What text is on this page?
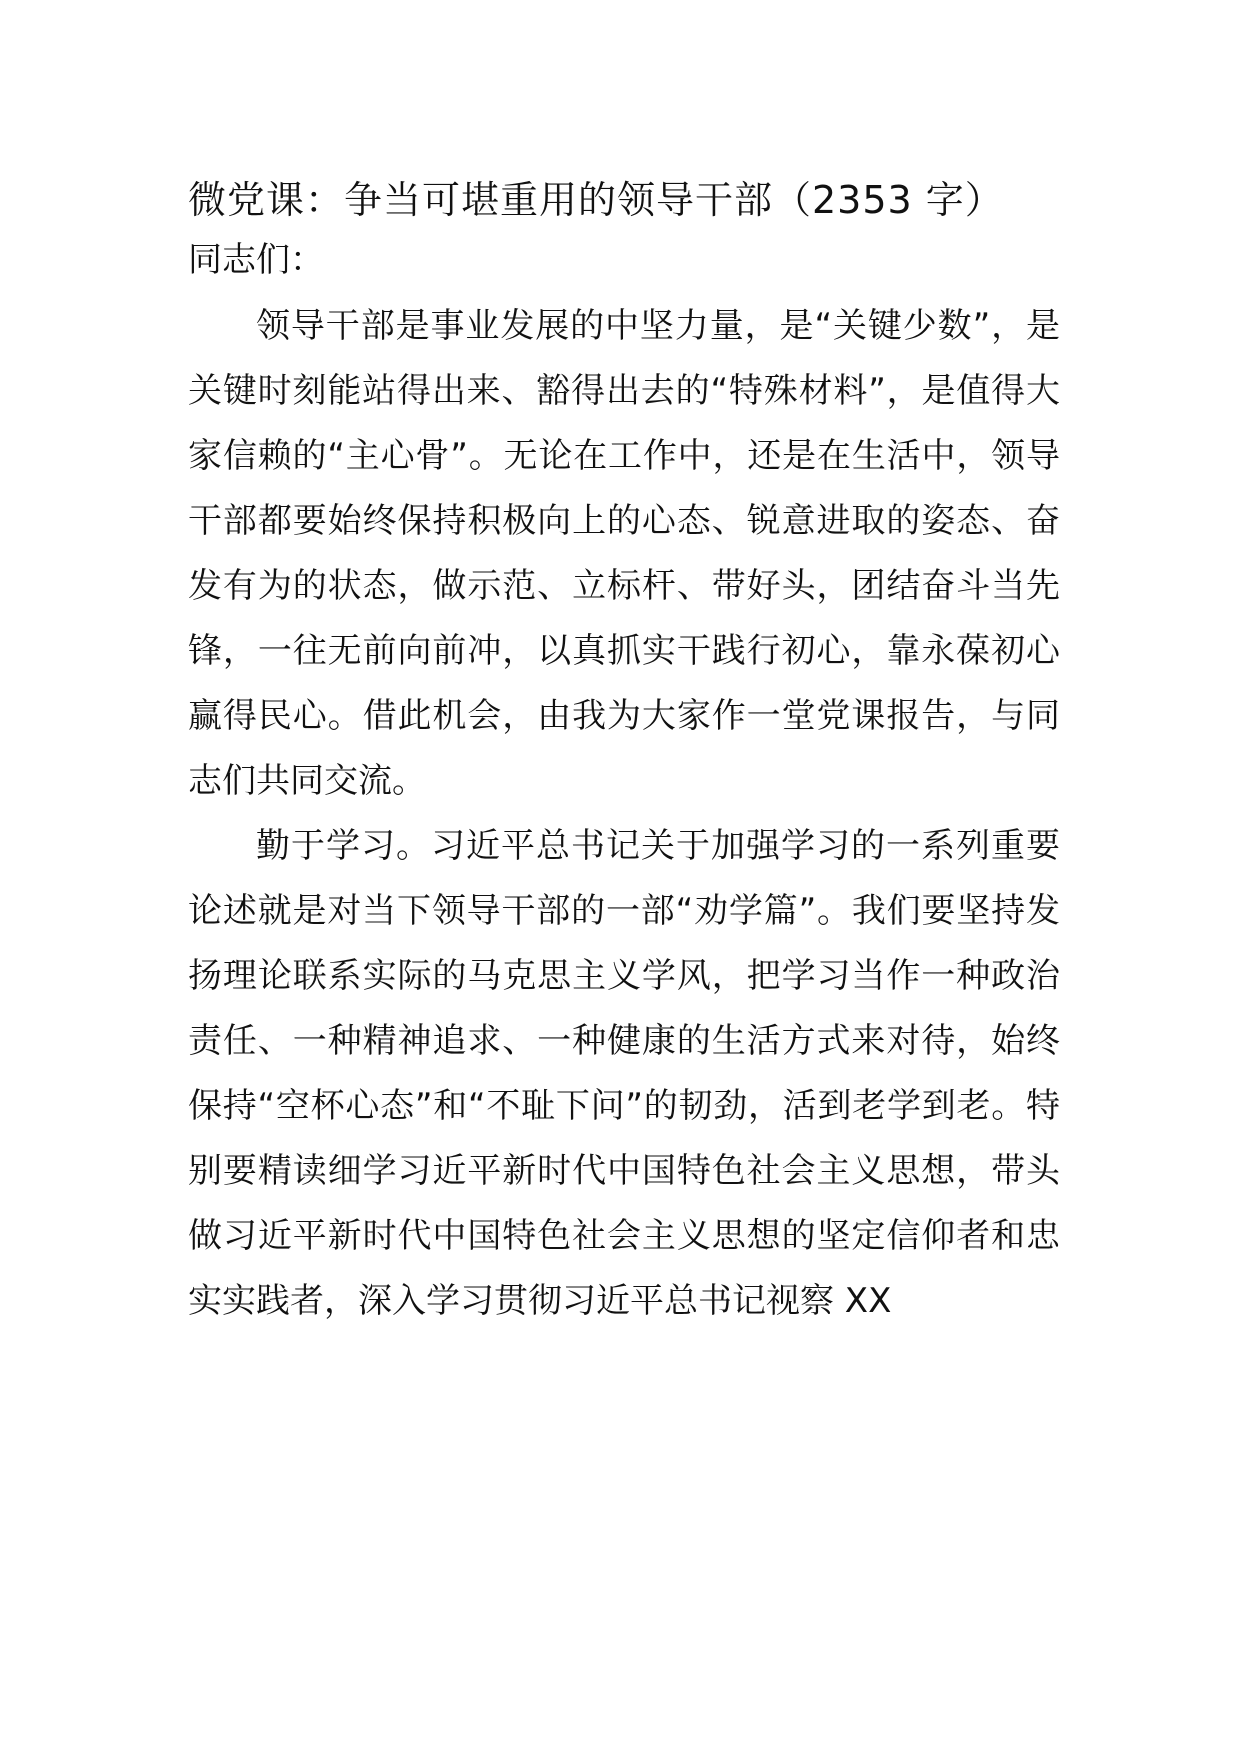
微党课：争当可堪重用的领导干部（2353 字）

同志们：

领导干部是事业发展的中坚力量，是“关键少数”，是关键时刻能站得出来、豁得出去的“特殊材料”，是值得大家信赖的“主心骨”。无论在工作中，还是在生活中，领导干部都要始终保持积极向上的心态、锐意进取的姿态、奋发有为的状态，做示范、立标杆、带好头，团结奋斗当先锋，一往无前向前冲，以真抓实干践行初心，靠永葆初心赢得民心。借此机会，由我为大家作一堂党课报告，与同志们共同交流。

勤于学习。习近平总书记关于加强学习的一系列重要论述就是对当下领导干部的一部“劝学篇”。我们要坚持发扬理论联系实际的马克思主义学风，把学习当作一种政治责任、一种精神追求、一种健康的生活方式来对待，始终保持“空杯心态”和“不耻下问”的韧劲，活到老学到老。特别要精读细学习近平新时代中国特色社会主义思想，带头做习近平新时代中国特色社会主义思想的坚定信仰者和忠实实践者，深入学习贯彻习近平总书记视察 XX
